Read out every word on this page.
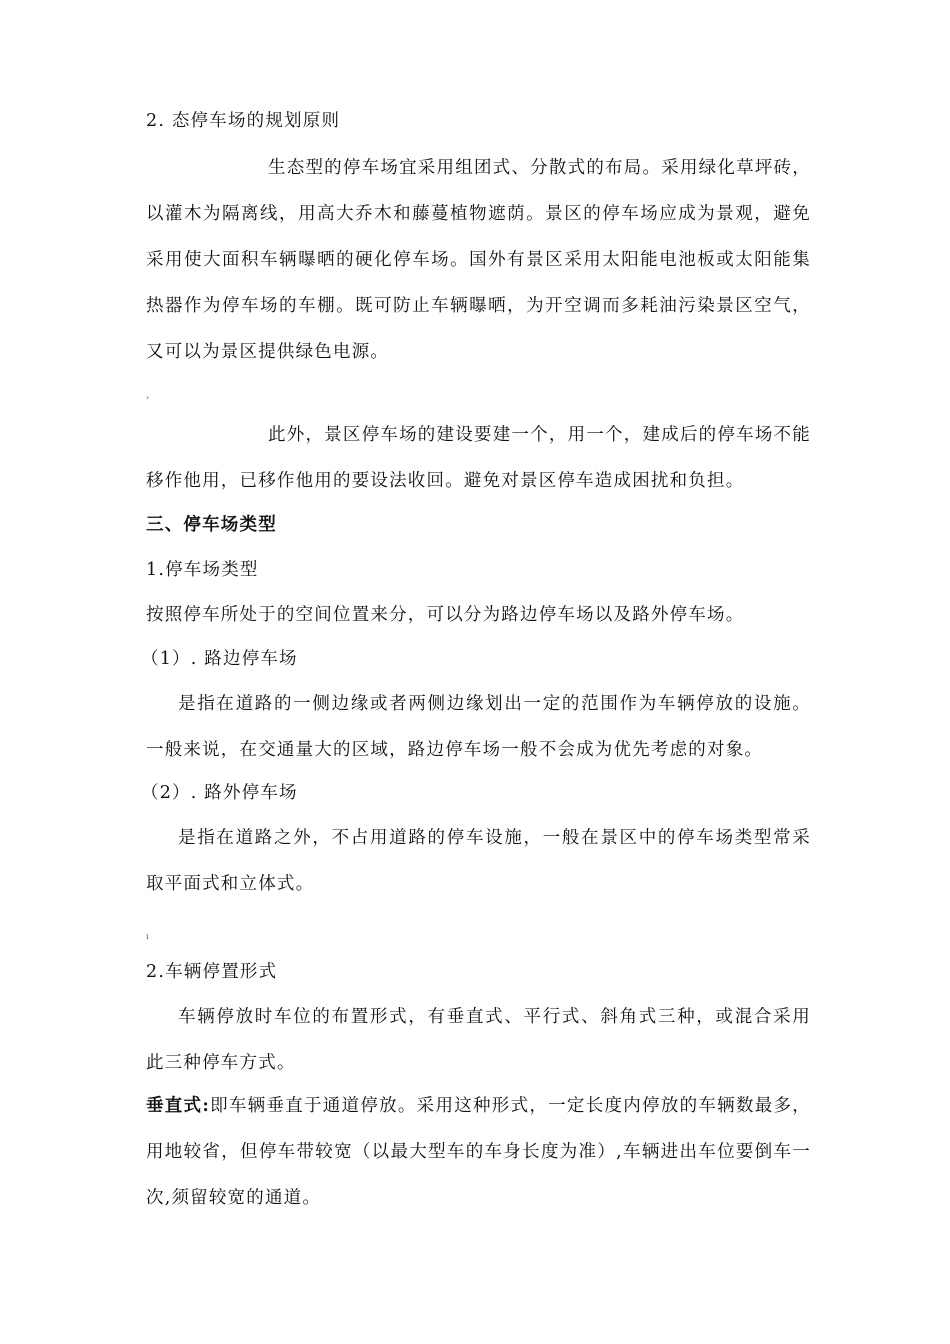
2. 态停车场的规划原则

生态型的停车场宜采用组团式、分散式的布局。采用绿化草坪砖，以灌木为隔离线，用高大乔木和藤蔓植物遮荫。景区的停车场应成为景观，避免采用使大面积车辆曝晒的硬化停车场。国外有景区采用太阳能电池板或太阳能集热器作为停车场的车棚。既可防止车辆曝晒，为开空调而多耗油污染景区空气，又可以为景区提供绿色电源。

›

此外，景区停车场的建设要建一个，用一个，建成后的停车场不能移作他用，已移作他用的要设法收回。避免对景区停车造成困扰和负担。

三、停车场类型
1.停车场类型

按照停车所处于的空间位置来分，可以分为路边停车场以及路外停车场。

（1）. 路边停车场

是指在道路的一侧边缘或者两侧边缘划出一定的范围作为车辆停放的设施。一般来说，在交通量大的区域，路边停车场一般不会成为优先考虑的对象。

（2）. 路外停车场

是指在道路之外，不占用道路的停车设施，一般在景区中的停车场类型常采取平面式和立体式。

ı
2.车辆停置形式

车辆停放时车位的布置形式，有垂直式、平行式、斜角式三种，或混合采用此三种停车方式。

垂直式:即车辆垂直于通道停放。采用这种形式，一定长度内停放的车辆数最多，用地较省，但停车带较宽（以最大型车的车身长度为准）,车辆进出车位要倒车一次,须留较宽的通道。
